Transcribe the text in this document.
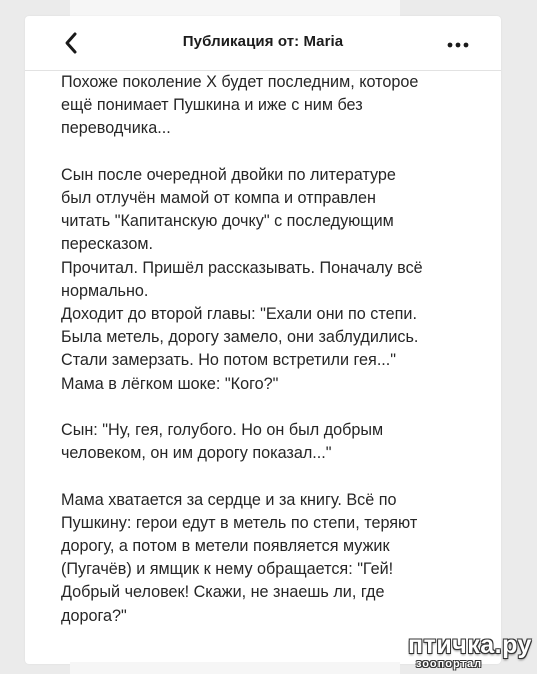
Публикация от: Maria
Похоже поколение Х будет последним, которое
ещё понимает Пушкина и иже с ним без
переводчика...
Сын после очередной двойки по литературе
был отлучён мамой от компа и отправлен
читать "Капитанскую дочку" с последующим
пересказом.
Прочитал. Пришёл рассказывать. Поначалу всё
нормально.
Доходит до второй главы: "Ехали они по степи.
Была метель, дорогу замело, они заблудились.
Стали замерзать. Но потом встретили гея..."
Мама в лёгком шоке: "Кого?"
Сын: "Ну, гея, голубого. Но он был добрым
человеком, он им дорогу показал..."
Мама хватается за сердце и за книгу. Всё по
Пушкину: герои едут в метель по степи, теряют
дорогу, а потом в метели появляется мужик
(Пугачёв) и ямщик к нему обращается: "Гей!
Добрый человек! Скажи, не знаешь ли, где
дорога?"
птичка.ру
зоопортал
